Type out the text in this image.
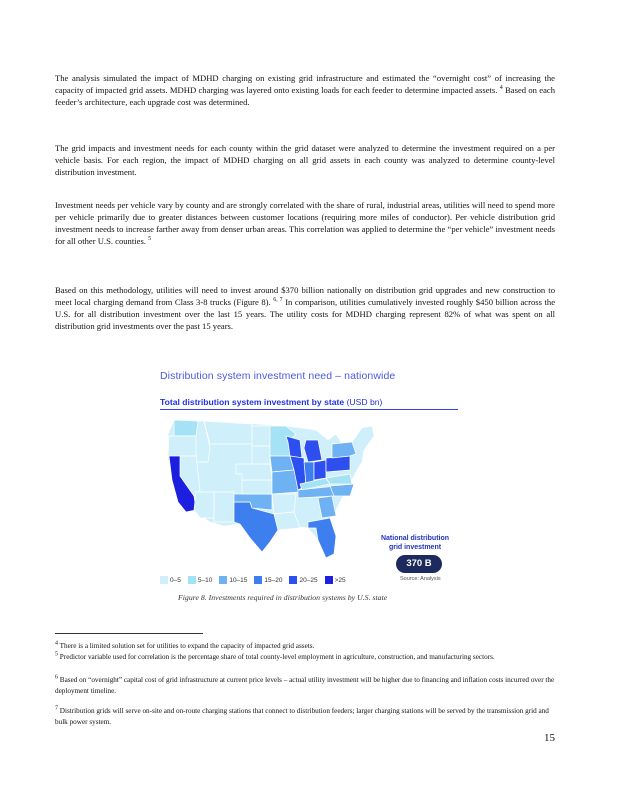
The analysis simulated the impact of MDHD charging on existing grid infrastructure and estimated the “overnight cost” of increasing the capacity of impacted grid assets. MDHD charging was layered onto existing loads for each feeder to determine impacted assets. $^4$ Based on each feeder’s architecture, each upgrade cost was determined.

The grid impacts and investment needs for each county within the grid dataset were analyzed to determine the investment required on a per vehicle basis. For each region, the impact of MDHD charging on all grid assets in each county was analyzed to determine county-level distribution investment.

Investment needs per vehicle vary by county and are strongly correlated with the share of rural, industrial areas, utilities will need to spend more per vehicle primarily due to greater distances between customer locations (requiring more miles of conductor). Per vehicle distribution grid investment needs to increase farther away from denser urban areas. This correlation was applied to determine the “per vehicle” investment needs for all other U.S. counties. $^5$

Based on this methodology, utilities will need to invest around $370 billion nationally on distribution grid upgrades and new construction to meet local charging demand from Class 3-8 trucks (Figure 8). $^{6, 7}$ In comparison, utilities cumulatively invested roughly $450 billion across the U.S. for all distribution investment over the last 15 years. The utility costs for MDHD charging represent 82% of what was spent on all distribution grid investments over the past 15 years.

Distribution system investment need – nationwide
Total distribution system investment by state (USD bn)
National distribution
grid investment
370 B
Source: Analysis
0–5	5–10	10–15	15–20	20–25	>25
Figure 8. Investments required in distribution systems by U.S. state

$^4$ There is a limited solution set for utilities to expand the capacity of impacted grid assets.

$^5$ Predictor variable used for correlation is the percentage share of total county-level employment in agriculture, construction, and manufacturing sectors.

$^6$ Based on “overnight” capital cost of grid infrastructure at current price levels – actual utility investment will be higher due to financing and inflation costs incurred over the deployment timeline.

$^7$ Distribution grids will serve on-site and on-route charging stations that connect to distribution feeders; larger charging stations will be served by the transmission grid and bulk power system.

15
